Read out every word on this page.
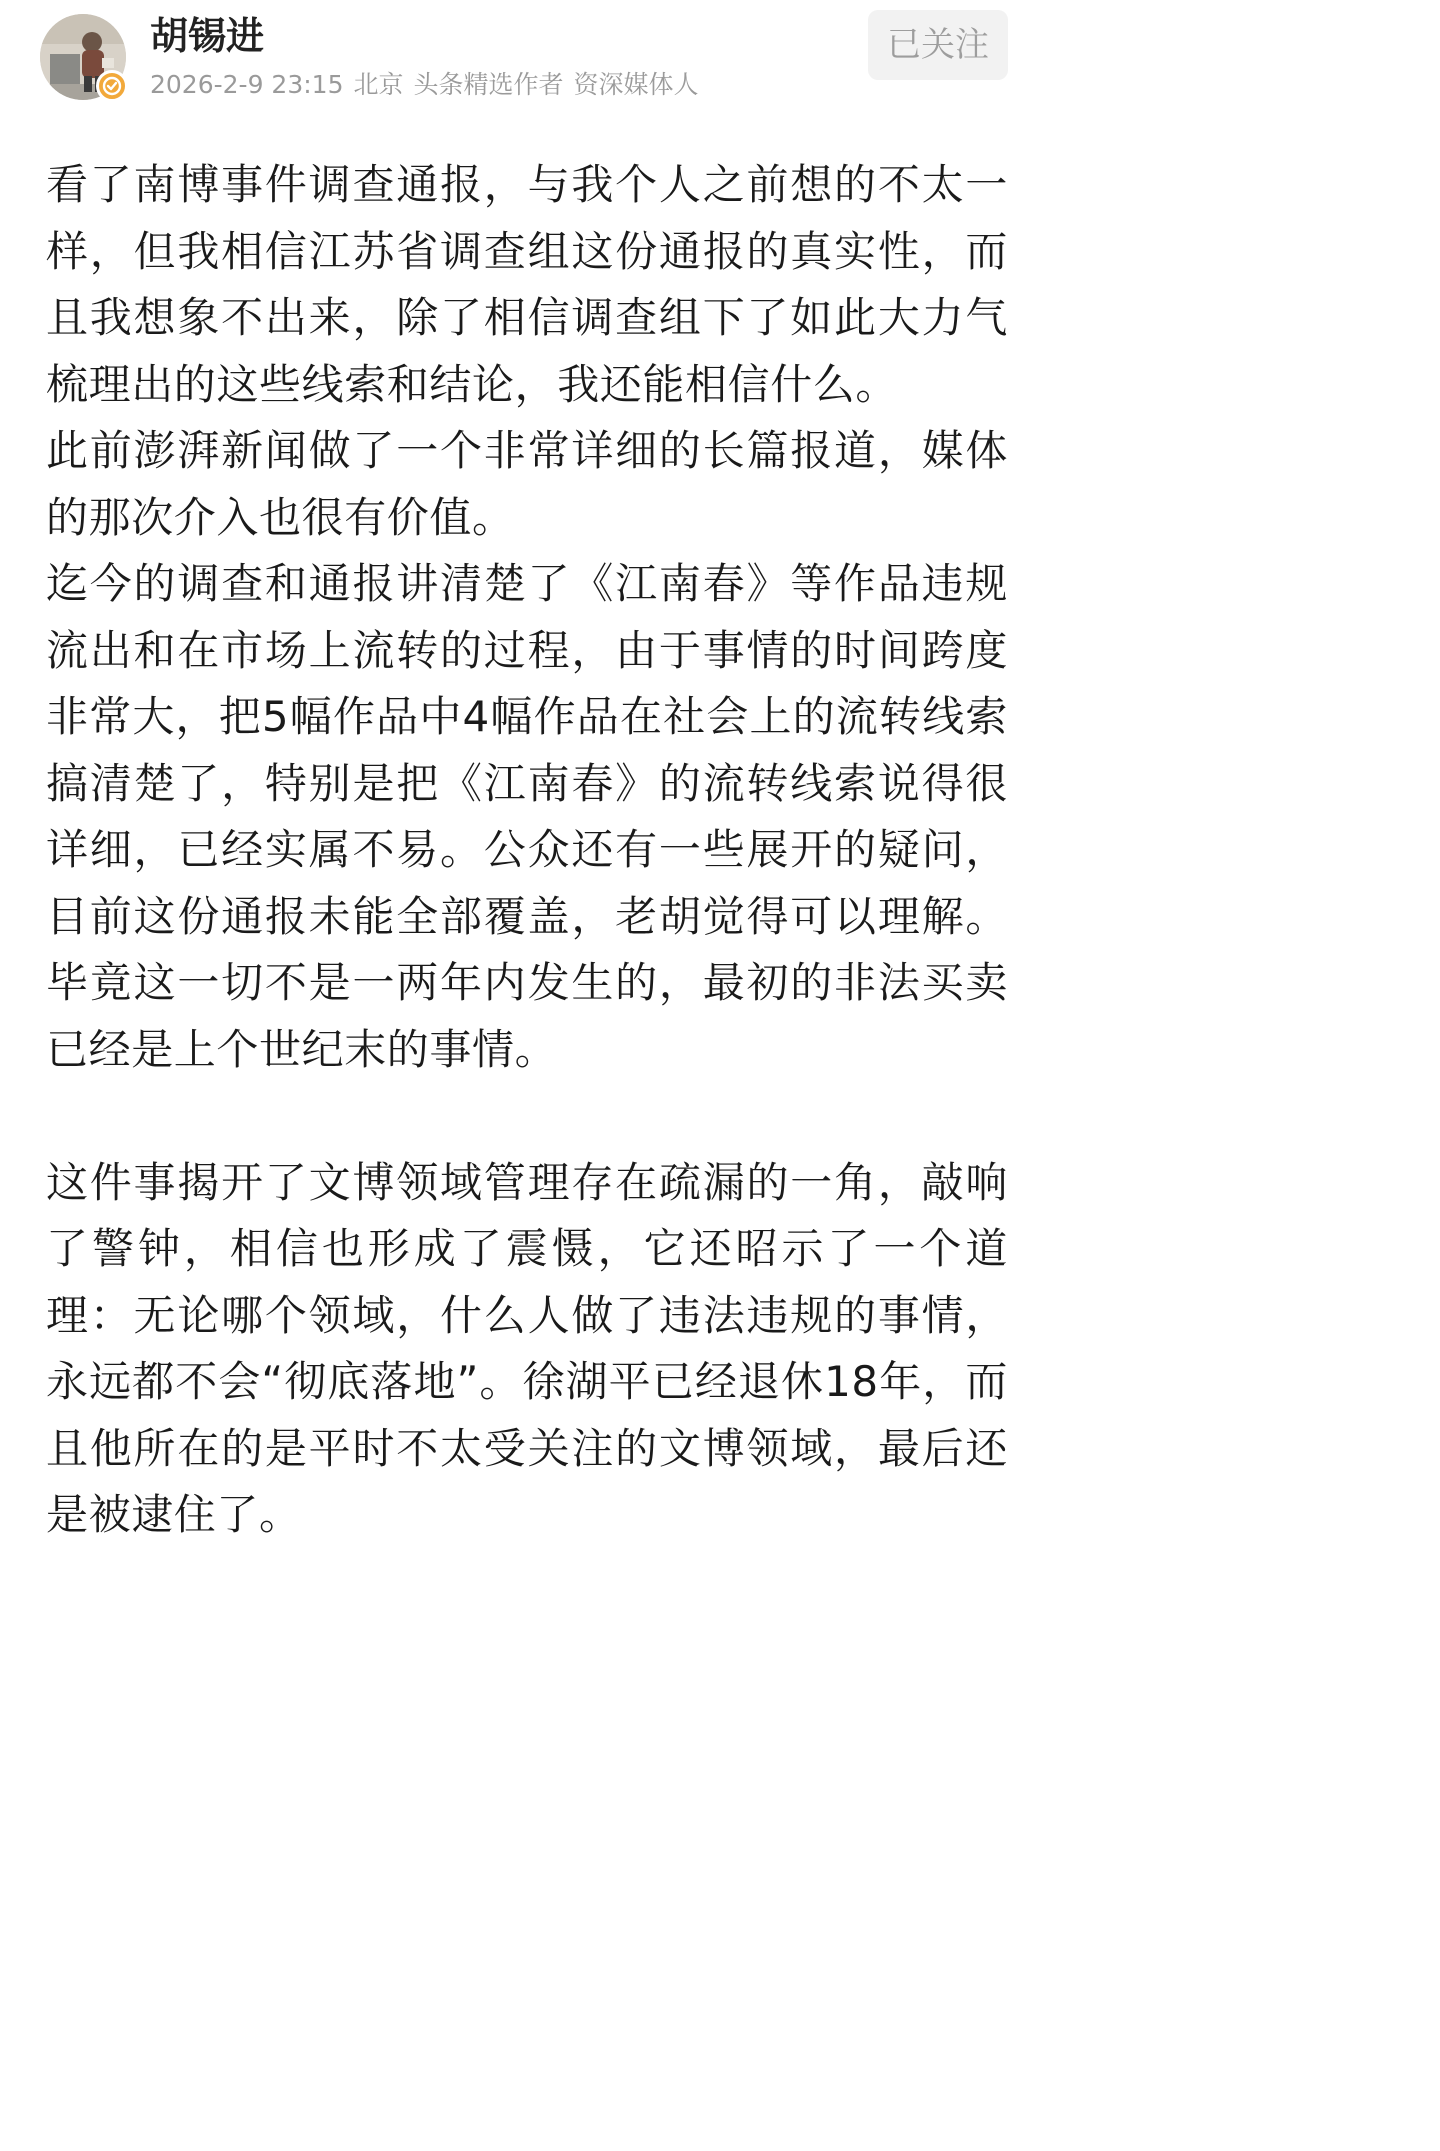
胡锡进
2026-2-9 23:15 北京 头条精选作者 资深媒体人
已关注

看了南博事件调查通报，与我个人之前想的不太一样，但我相信江苏省调查组这份通报的真实性，而且我想象不出来，除了相信调查组下了如此大力气梳理出的这些线索和结论，我还能相信什么。

此前澎湃新闻做了一个非常详细的长篇报道，媒体的那次介入也很有价值。

迄今的调查和通报讲清楚了《江南春》等作品违规流出和在市场上流转的过程，由于事情的时间跨度非常大，把5幅作品中4幅作品在社会上的流转线索搞清楚了，特别是把《江南春》的流转线索说得很详细，已经实属不易。公众还有一些展开的疑问，目前这份通报未能全部覆盖，老胡觉得可以理解。毕竟这一切不是一两年内发生的，最初的非法买卖已经是上个世纪末的事情。

这件事揭开了文博领域管理存在疏漏的一角，敲响了警钟，相信也形成了震慑，它还昭示了一个道理：无论哪个领域，什么人做了违法违规的事情，永远都不会“彻底落地”。徐湖平已经退休18年，而且他所在的是平时不太受关注的文博领域，最后还是被逮住了。
